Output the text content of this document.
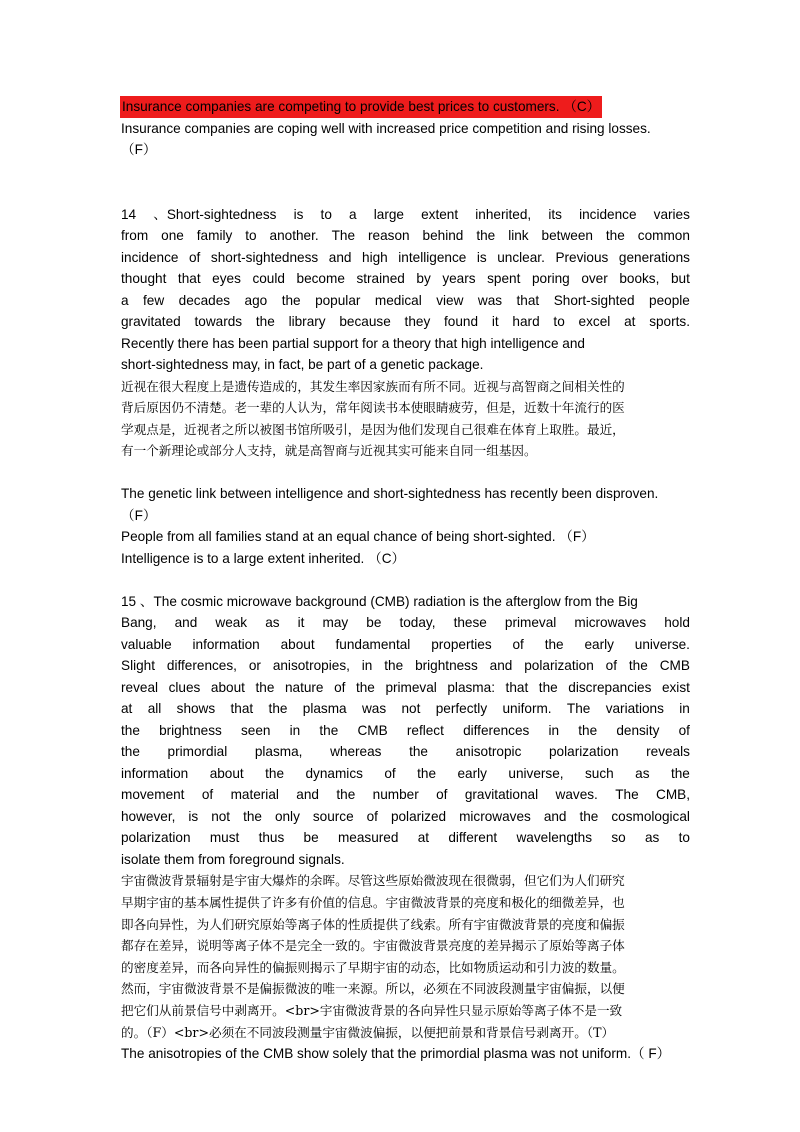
Insurance companies are competing to provide best prices to customers. （C）
Insurance companies are coping well with increased price competition and rising losses.
（F）
14 、Short-sightedness is to a large extent inherited, its incidence varies
from one family to another. The reason behind the link between the common
incidence of short-sightedness and high intelligence is unclear. Previous generations
thought that eyes could become strained by years spent poring over books, but
a few decades ago the popular medical view was that Short-sighted people
gravitated towards the library because they found it hard to excel at sports.
Recently there has been partial support for a theory that high intelligence and
short-sightedness may, in fact, be part of a genetic package.
近视在很大程度上是遗传造成的，其发生率因家族而有所不同。近视与高智商之间相关性的
背后原因仍不清楚。老一辈的人认为，常年阅读书本使眼睛疲劳，但是，近数十年流行的医
学观点是，近视者之所以被图书馆所吸引，是因为他们发现自己很难在体育上取胜。最近，
有一个新理论或部分人支持，就是高智商与近视其实可能来自同一组基因。
The genetic link between intelligence and short-sightedness has recently been disproven.
（F）
People from all families stand at an equal chance of being short-sighted. （F）
Intelligence is to a large extent inherited. （C）
15 、The cosmic microwave background (CMB) radiation is the afterglow from the Big
Bang, and weak as it may be today, these primeval microwaves hold
valuable information about fundamental properties of the early universe.
Slight differences, or anisotropies, in the brightness and polarization of the CMB
reveal clues about the nature of the primeval plasma: that the discrepancies exist
at all shows that the plasma was not perfectly uniform. The variations in
the brightness seen in the CMB reflect differences in the density of
the primordial plasma, whereas the anisotropic polarization reveals
information about the dynamics of the early universe, such as the
movement of material and the number of gravitational waves. The CMB,
however, is not the only source of polarized microwaves and the cosmological
polarization must thus be measured at different wavelengths so as to
isolate them from foreground signals.
宇宙微波背景辐射是宇宙大爆炸的余晖。尽管这些原始微波现在很微弱，但它们为人们研究
早期宇宙的基本属性提供了许多有价值的信息。宇宙微波背景的亮度和极化的细微差异，也
即各向异性，为人们研究原始等离子体的性质提供了线索。所有宇宙微波背景的亮度和偏振
都存在差异，说明等离子体不是完全一致的。宇宙微波背景亮度的差异揭示了原始等离子体
的密度差异，而各向异性的偏振则揭示了早期宇宙的动态，比如物质运动和引力波的数量。
然而，宇宙微波背景不是偏振微波的唯一来源。所以，必须在不同波段测量宇宙偏振，以便
把它们从前景信号中剥离开。<br>宇宙微波背景的各向异性只显示原始等离子体不是一致
的。（F）<br>必须在不同波段测量宇宙微波偏振，以便把前景和背景信号剥离开。（T）
The anisotropies of the CMB show solely that the primordial plasma was not uniform.（ F）
